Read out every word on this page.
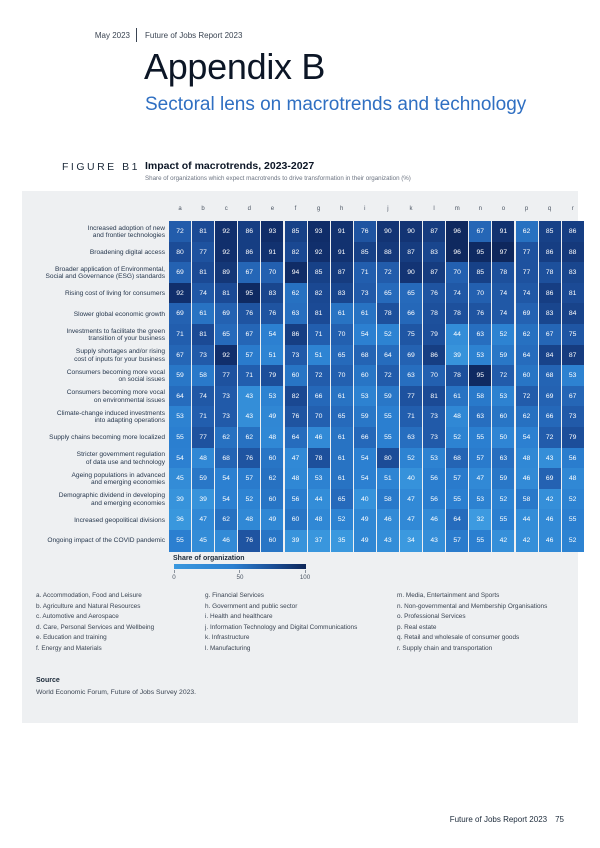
May 2023 Future of Jobs Report 2023
Appendix B
Sectoral lens on macrotrends and technology
FIGURE B1 Impact of macrotrends, 2023-2027
Share of organizations which expect macrotrends to drive transformation in their organization (%)
a	b	c	d	e	f	g	h	i	j	k	l	m	n	o	p	q	r
Increased adoption of new
and frontier technologies
72	81	92	86	93	85	93	91	76	90	90	87	96	67	91	62	85	86
Broadening digital access	80	77	92	86	91	82	92	91	85	88	87	83	96	95	97	77	86	88
Broader application of Environmental,
Social and Governance (ESG) standards
69	81	89	67	70	94	85	87	71	72	90	87	70	85	78	77	78	83
Rising cost of living for consumers	92	74	81	95	83	62	82	83	73	65	65	76	74	70	74	74	86	81
Slower global economic growth	69	61	69	76	76	63	81	61	61	78	66	78	78	76	74	69	83	84
Investments to facilitate the green
transition of your business
71	81	65	67	54	86	71	70	54	52	75	79	44	63	52	62	67	75
Supply shortages and/or rising
cost of inputs for your business
67	73	92	57	51	73	51	65	68	64	69	86	39	53	59	64	84	87
Consumers becoming more vocal
on social issues
59	58	77	71	79	60	72	70	60	72	63	70	78	95	72	60	68	53
Consumers becoming more vocal
on environmental issues
64	74	73	43	53	82	66	61	53	59	77	81	61	58	53	72	69	67
Climate-change induced investments
into adapting operations
53	71	73	43	49	76	70	65	59	55	71	73	48	63	60	62	66	73
Supply chains becoming more localized	55	77	62	62	48	64	46	61	66	55	63	73	52	55	50	54	72	79
Stricter government regulation
of data use and technology
54	48	68	76	60	47	78	61	54	80	52	53	68	57	63	48	43	56
Ageing populations in advanced
and emerging economies
45	59	54	57	62	48	53	61	54	51	40	56	57	47	59	46	69	48
Demographic dividend in developing
and emerging economies
39	39	54	52	60	56	44	65	40	58	47	56	55	53	52	58	42	52
Increased geopolitical divisions	36	47	62	48	49	60	48	52	49	46	47	46	64	32	55	44	46	55
Ongoing impact of the COVID pandemic	55	45	46	76	60	39	37	35	49	43	34	43	57	55	42	42	46	52
Share of organization
0	50	100
a. Accommodation, Food and Leisure
b. Agriculture and Natural Resources
c. Automotive and Aerospace
d. Care, Personal Services and Wellbeing
e. Education and training
f. Energy and Materials
g. Financial Services
h. Government and public sector
i. Health and healthcare
j. Information Technology and Digital Communications
k. Infrastructure
l. Manufacturing
m. Media, Entertainment and Sports
n. Non-governmental and Membership Organisations
o. Professional Services
p. Real estate
q. Retail and wholesale of consumer goods
r. Supply chain and transportation
Source
World Economic Forum, Future of Jobs Survey 2023.
Future of Jobs Report 2023 75
